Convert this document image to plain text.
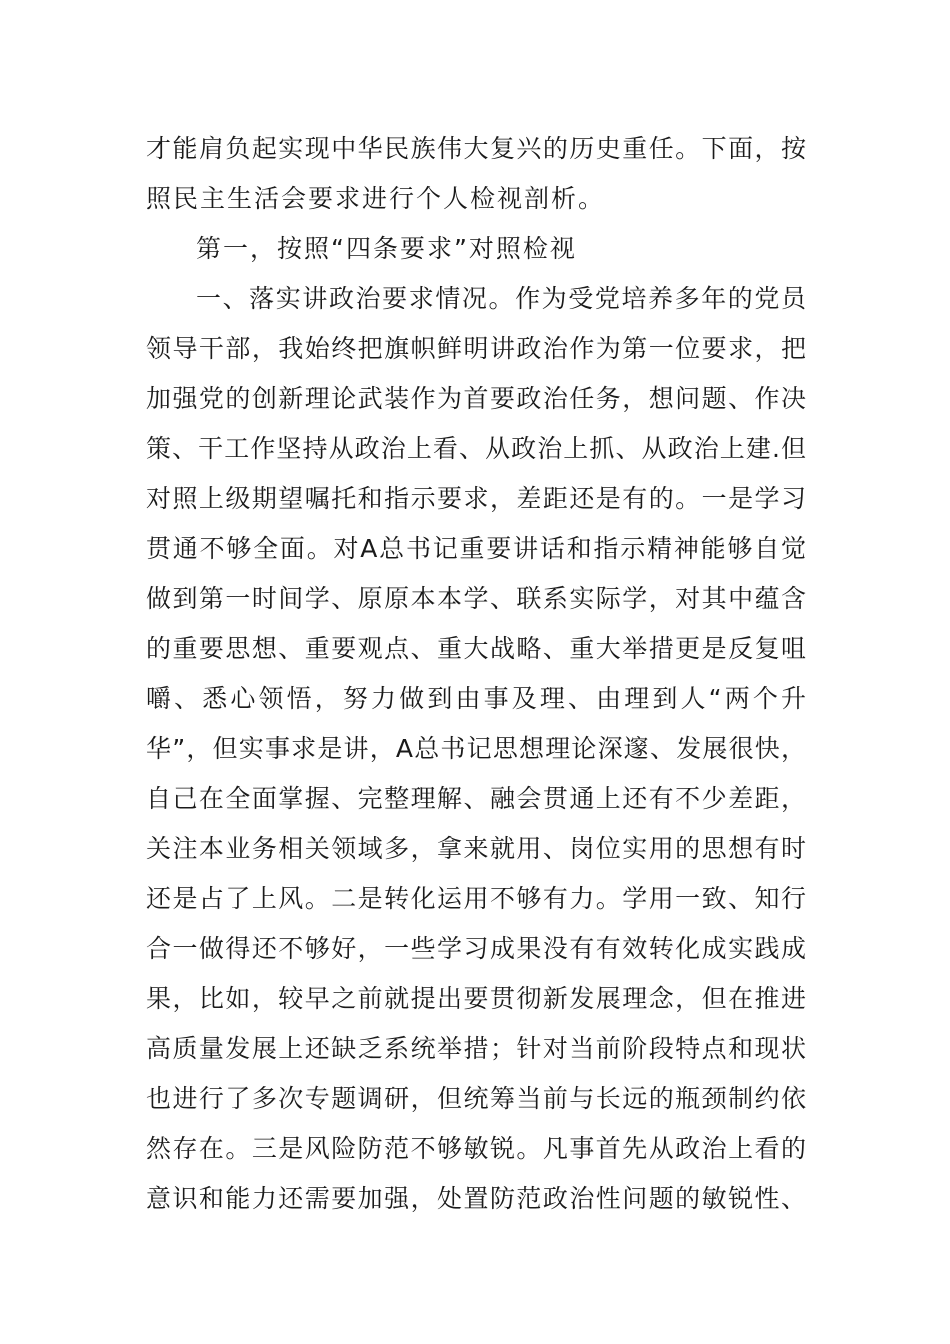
才能肩负起实现中华民族伟大复兴的历史重任。下面，按
照民主生活会要求进行个人检视剖析。
第一，按照“四条要求”对照检视
一、落实讲政治要求情况。作为受党培养多年的党员
领导干部，我始终把旗帜鲜明讲政治作为第一位要求，把
加强党的创新理论武装作为首要政治任务，想问题、作决
策、干工作坚持从政治上看、从政治上抓、从政治上建.但
对照上级期望嘱托和指示要求，差距还是有的。一是学习
贯通不够全面。对A总书记重要讲话和指示精神能够自觉
做到第一时间学、原原本本学、联系实际学，对其中蕴含
的重要思想、重要观点、重大战略、重大举措更是反复咀
嚼、悉心领悟，努力做到由事及理、由理到人“两个升
华”，但实事求是讲，A总书记思想理论深邃、发展很快，
自己在全面掌握、完整理解、融会贯通上还有不少差距，
关注本业务相关领域多，拿来就用、岗位实用的思想有时
还是占了上风。二是转化运用不够有力。学用一致、知行
合一做得还不够好，一些学习成果没有有效转化成实践成
果，比如，较早之前就提出要贯彻新发展理念，但在推进
高质量发展上还缺乏系统举措；针对当前阶段特点和现状
也进行了多次专题调研，但统筹当前与长远的瓶颈制约依
然存在。三是风险防范不够敏锐。凡事首先从政治上看的
意识和能力还需要加强，处置防范政治性问题的敏锐性、
